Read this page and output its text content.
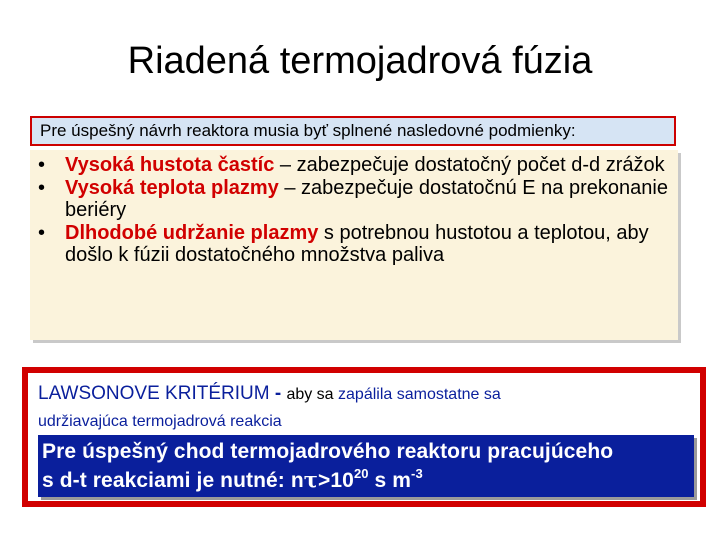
Riadená termojadrová fúzia
Pre úspešný návrh reaktora musia byť splnené nasledovné podmienky:
• Vysoká hustota častíc – zabezpečuje dostatočný počet d-d zrážok
• Vysoká teplota plazmy – zabezpečuje dostatočnú E na prekonanie beriéry
• Dlhodobé udržanie plazmy s potrebnou hustotou a teplotou, aby došlo k fúzii dostatočného množstva paliva
LAWSONOVE KRITÉRIUM - aby sa zapálila samostatne sa
udržiavajúca termojadrová reakcia
Pre úspešný chod termojadrového reaktoru pracujúceho
s d-t reakciami je nutné: $n\tau>10^{20}$ s $m^{-3}$
